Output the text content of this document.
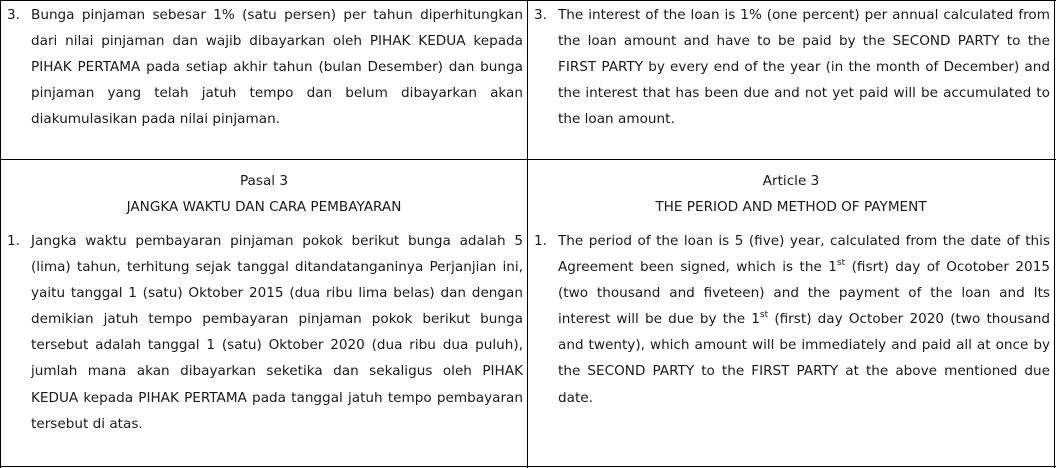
3. Bunga pinjaman sebesar 1% (satu persen) per tahun diperhitungkan dari nilai pinjaman dan wajib dibayarkan oleh PIHAK KEDUA kepada PIHAK PERTAMA pada setiap akhir tahun (bulan Desember) dan bunga pinjaman yang telah jatuh tempo dan belum dibayarkan akan diakumulasikan pada nilai pinjaman.
3. The interest of the loan is 1% (one percent) per annual calculated from the loan amount and have to be paid by the SECOND PARTY to the FIRST PARTY by every end of the year (in the month of December) and the interest that has been due and not yet paid will be accumulated to the loan amount.
Pasal 3
JANGKA WAKTU DAN CARA PEMBAYARAN
1. Jangka waktu pembayaran pinjaman pokok berikut bunga adalah 5 (lima) tahun, terhitung sejak tanggal ditandatanganinya Perjanjian ini, yaitu tanggal 1 (satu) Oktober 2015 (dua ribu lima belas) dan dengan demikian jatuh tempo pembayaran pinjaman pokok berikut bunga tersebut adalah tanggal 1 (satu) Oktober 2020 (dua ribu dua puluh), jumlah mana akan dibayarkan seketika dan sekaligus oleh PIHAK KEDUA kepada PIHAK PERTAMA pada tanggal jatuh tempo pembayaran tersebut di atas.
Article 3
THE PERIOD AND METHOD OF PAYMENT
1. The period of the loan is 5 (five) year, calculated from the date of this Agreement been signed, which is the 1st (fisrt) day of Ocotober 2015 (two thousand and fiveteen) and the payment of the loan and Its interest will be due by the 1st (first) day October 2020 (two thousand and twenty), which amount will be immediately and paid all at once by the SECOND PARTY to the FIRST PARTY at the above mentioned due date.
